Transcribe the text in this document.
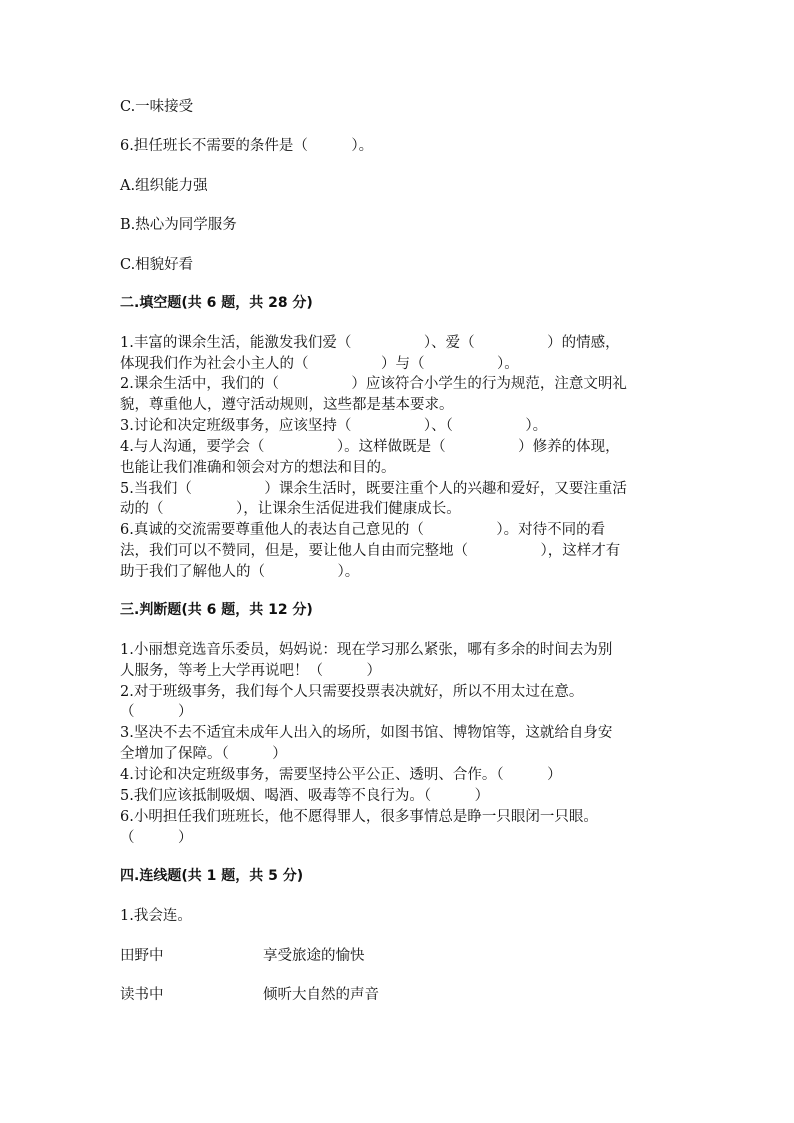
C.一味接受
6.担任班长不需要的条件是（　　　）。
A.组织能力强
B.热心为同学服务
C.相貌好看
二.填空题(共 6 题，共 28 分)
1.丰富的课余生活，能激发我们爱（　　　　　）、爱（　　　　　）的情感，
体现我们作为社会小主人的（　　　　　）与（　　　　　）。
2.课余生活中，我们的（　　　　　）应该符合小学生的行为规范，注意文明礼
貌，尊重他人，遵守活动规则，这些都是基本要求。
3.讨论和决定班级事务，应该坚持（　　　　　）、（　　　　　）。
4.与人沟通，要学会（　　　　　）。这样做既是（　　　　　）修养的体现，
也能让我们准确和领会对方的想法和目的。
5.当我们（　　　　　）课余生活时，既要注重个人的兴趣和爱好，又要注重活
动的（　　　　　），让课余生活促进我们健康成长。
6.真诚的交流需要尊重他人的表达自己意见的（　　　　　）。对待不同的看
法，我们可以不赞同，但是，要让他人自由而完整地（　　　　　），这样才有
助于我们了解他人的（　　　　　）。
三.判断题(共 6 题，共 12 分)
1.小丽想竞选音乐委员，妈妈说：现在学习那么紧张，哪有多余的时间去为别
人服务，等考上大学再说吧！（　　　）
2.对于班级事务，我们每个人只需要投票表决就好，所以不用太过在意。
（　　　）
3.坚决不去不适宜未成年人出入的场所，如图书馆、博物馆等，这就给自身安
全增加了保障。（　　　）
4.讨论和决定班级事务，需要坚持公平公正、透明、合作。（　　　）
5.我们应该抵制吸烟、喝酒、吸毒等不良行为。（　　　）
6.小明担任我们班班长，他不愿得罪人，很多事情总是睁一只眼闭一只眼。
（　　　）
四.连线题(共 1 题，共 5 分)
1.我会连。
田野中	享受旅途的愉快
读书中	倾听大自然的声音
